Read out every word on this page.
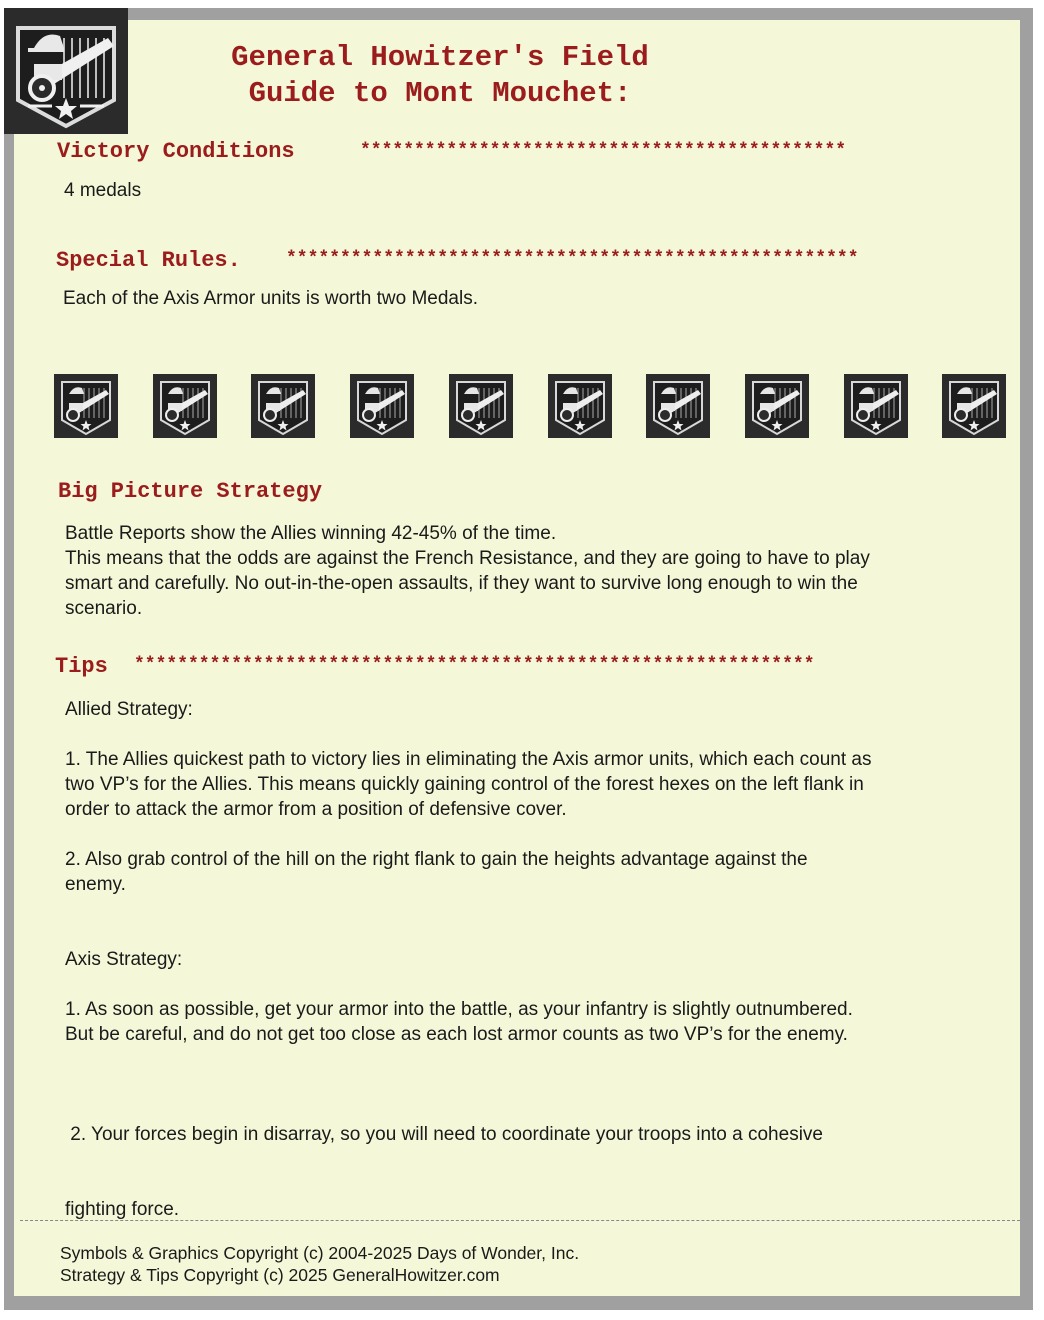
General Howitzer's Field
Guide to Mont Mouchet:
Victory Conditions	*********************************************
4 medals
Special Rules.	*****************************************************
Each of the Axis Armor units is worth two Medals.
Big Picture Strategy
Battle Reports show the Allies winning 42-45% of the time.
This means that the odds are against the French Resistance, and they are going to have to play
smart and carefully. No out-in-the-open assaults, if they want to survive long enough to win the
scenario.
Tips ***************************************************************
Allied Strategy:
1. The Allies quickest path to victory lies in eliminating the Axis armor units, which each count as
two VP’s for the Allies. This means quickly gaining control of the forest hexes on the left flank in
order to attack the armor from a position of defensive cover.
2. Also grab control of the hill on the right flank to gain the heights advantage against the
enemy.
Axis Strategy:
1. As soon as possible, get your armor into the battle, as your infantry is slightly outnumbered.
But be careful, and do not get too close as each lost armor counts as two VP’s for the enemy.

2. Your forces begin in disarray, so you will need to coordinate your troops into a cohesive

fighting force.

Symbols & Graphics Copyright (c) 2004-2025 Days of Wonder, Inc.
Strategy & Tips Copyright (c) 2025 GeneralHowitzer.com
